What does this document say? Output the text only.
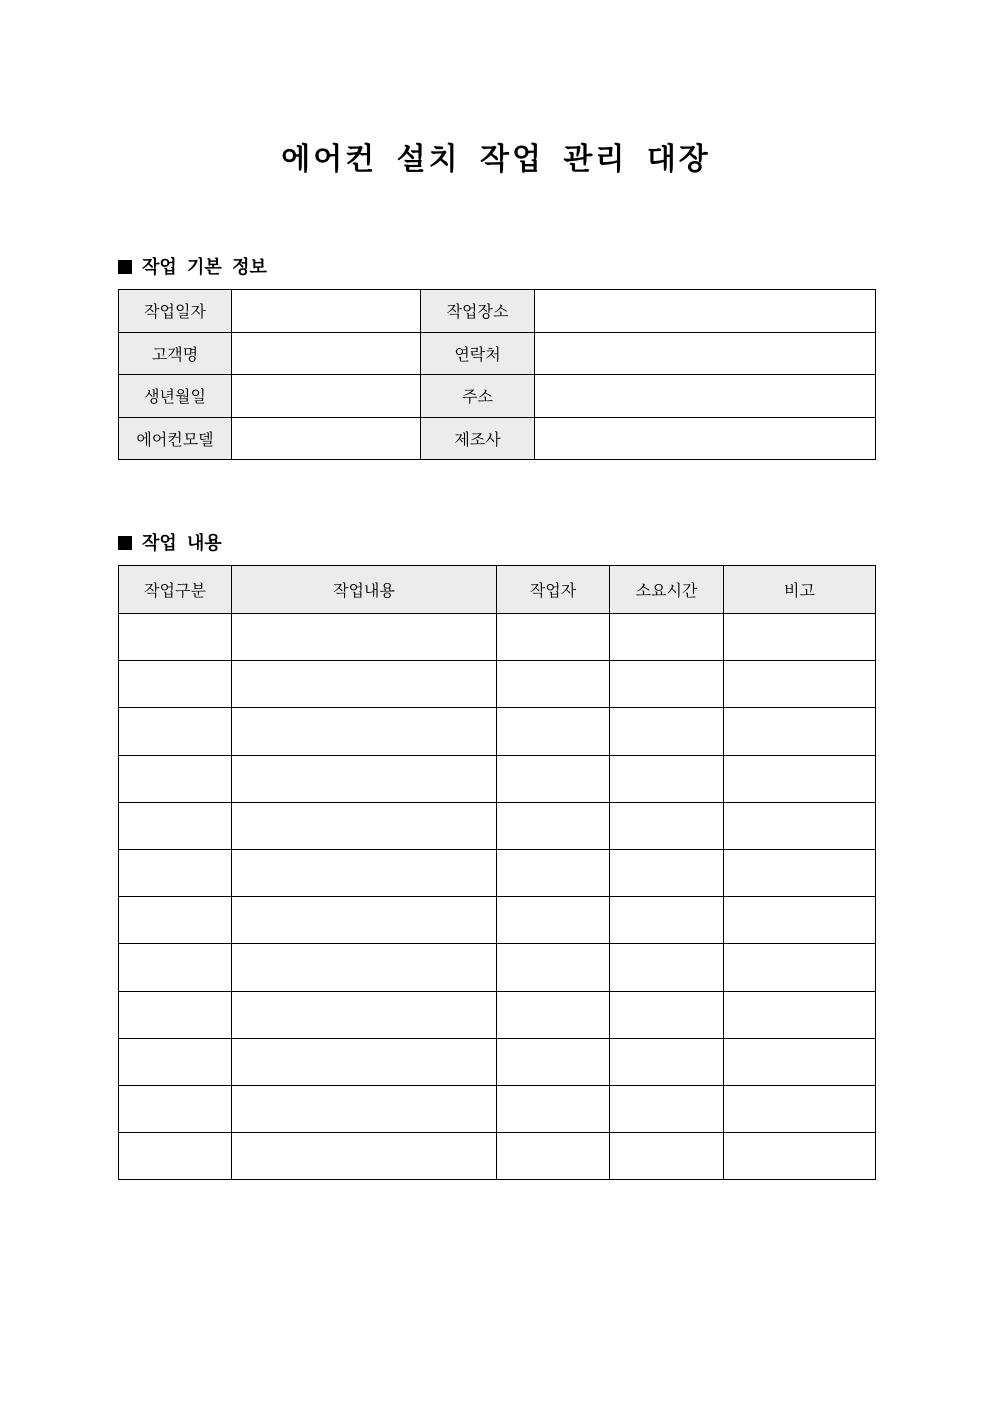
에어컨 설치 작업 관리 대장
작업 기본 정보
작업일자		작업장소	
고객명		연락처	
생년월일		주소	
에어컨모델		제조사	
작업 내용
작업구분	작업내용	작업자	소요시간	비고
